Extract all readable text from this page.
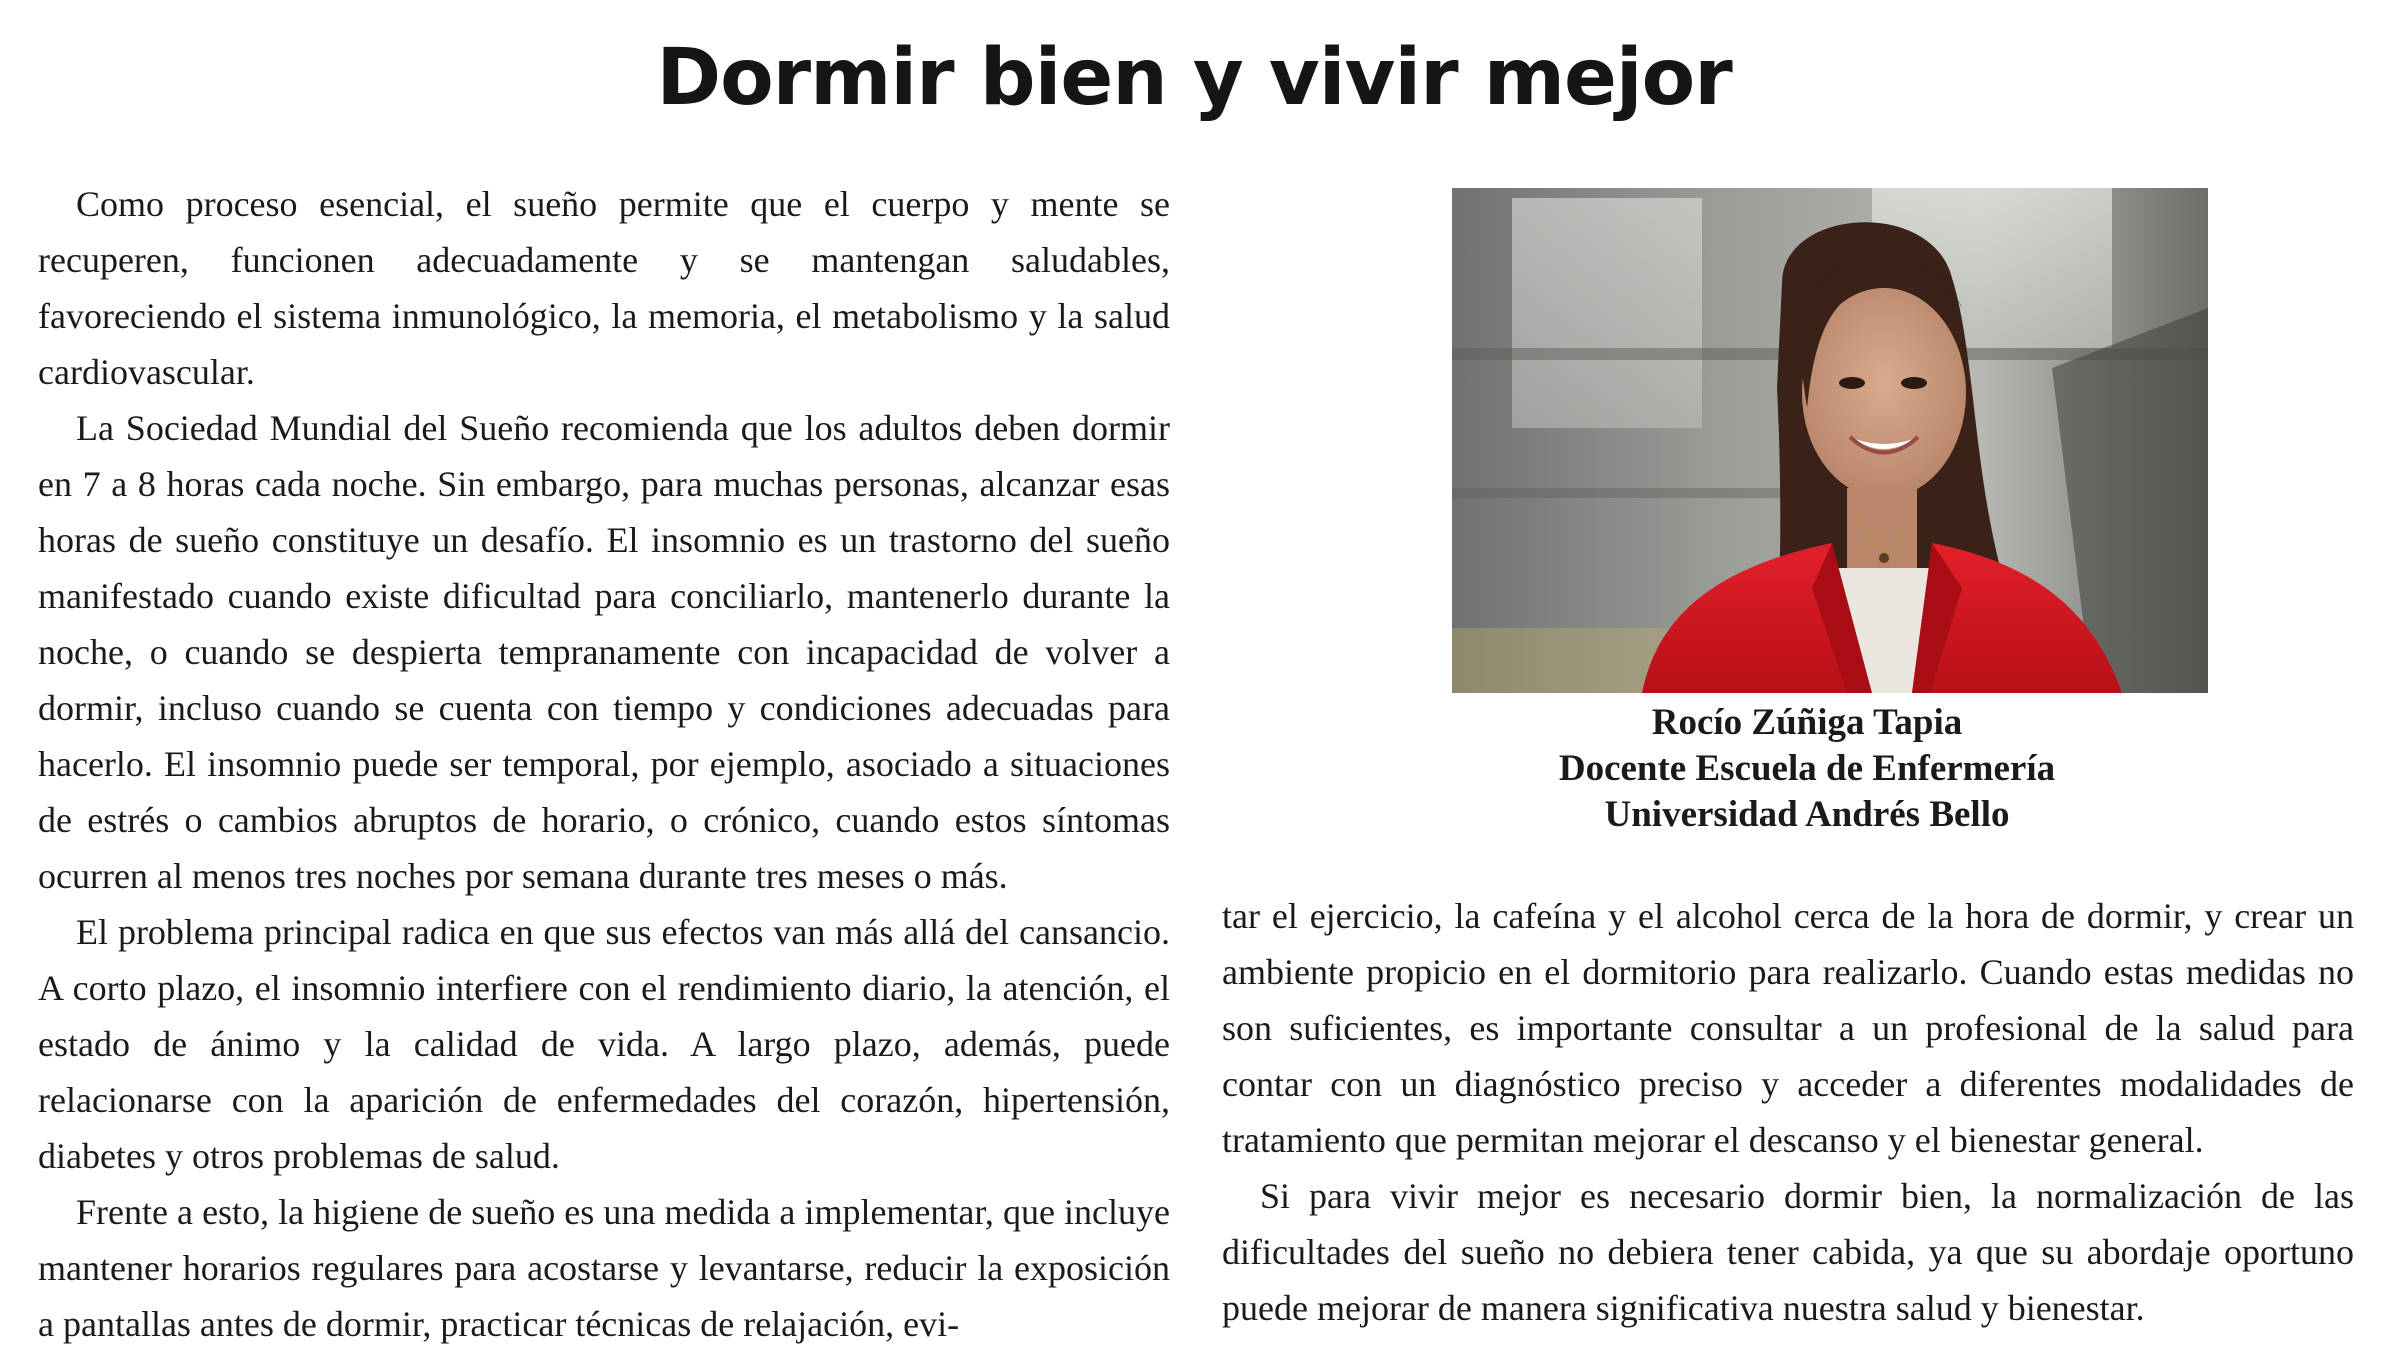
Dormir bien y vivir mejor

Como proceso esencial, el sueño permite que el cuerpo y mente se recuperen, funcionen adecuadamente y se mantengan saludables, favoreciendo el sistema inmunológico, la memoria, el metabolismo y la salud cardiovascular.

La Sociedad Mundial del Sueño recomienda que los adultos deben dormir en 7 a 8 horas cada noche. Sin embargo, para muchas personas, alcanzar esas horas de sueño constituye un desafío. El insomnio es un trastorno del sueño manifestado cuando existe dificultad para conciliarlo, mantenerlo durante la noche, o cuando se despierta tempranamente con incapacidad de volver a dormir, incluso cuando se cuenta con tiempo y condiciones adecuadas para hacerlo. El insomnio puede ser temporal, por ejemplo, asociado a situaciones de estrés o cambios abruptos de horario, o crónico, cuando estos síntomas ocurren al menos tres noches por semana durante tres meses o más.

El problema principal radica en que sus efectos van más allá del cansancio. A corto plazo, el insomnio interfiere con el rendimiento diario, la atención, el estado de ánimo y la calidad de vida. A largo plazo, además, puede relacionarse con la aparición de enfermedades del corazón, hipertensión, diabetes y otros problemas de salud.

Frente a esto, la higiene de sueño es una medida a implementar, que incluye mantener horarios regulares para acostarse y levantarse, reducir la exposición a pantallas antes de dormir, practicar técnicas de relajación, evi-

Rocío Zúñiga Tapia
Docente Escuela de Enfermería
Universidad Andrés Bello

tar el ejercicio, la cafeína y el alcohol cerca de la hora de dormir, y crear un ambiente propicio en el dormitorio para realizarlo. Cuando estas medidas no son suficientes, es importante consultar a un profesional de la salud para contar con un diagnóstico preciso y acceder a diferentes modalidades de tratamiento que permitan mejorar el descanso y el bienestar general.

Si para vivir mejor es necesario dormir bien, la normalización de las dificultades del sueño no debiera tener cabida, ya que su abordaje oportuno puede mejorar de manera significativa nuestra salud y bienestar.
